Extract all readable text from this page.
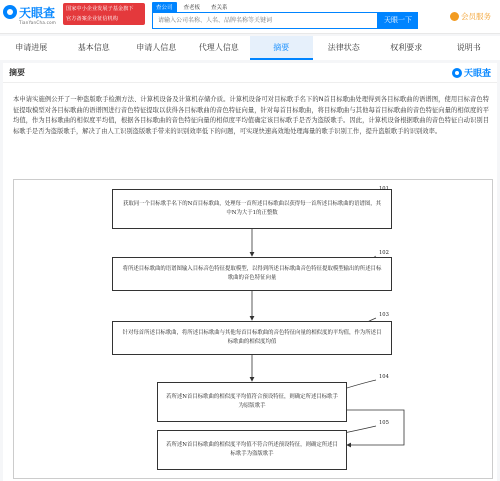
天眼查
TianYanCha.com
国家中小企业发展子基金旗下
官方备案企业征信机构
查公司	查老板	查关系
请输入公司名称、人名、品牌名称等关键词
天眼一下	会员服务
申请进展	基本信息	申请人信息	代理人信息	摘要	法律状态	权利要求	说明书
摘要	天眼查
本申请实施例公开了一种盗版歌手检测方法、计算机设备及计算机存储介质。计算机设备可对目标歌手名下的N首目标歌曲处理得到各目标歌曲的语谱图，使用目标音色特征提取模型对各目标歌曲的语谱图进行音色特征提取以获得各目标歌曲的音色特征向量，针对每首目标歌曲，将目标歌曲与其他每首目标歌曲的音色特征向量的相似度的平均值，作为目标歌曲的相似度平均值，根据各目标歌曲的音色特征向量的相似度平均值确定该目标歌手是否为盗版歌手。因此，计算机设备根据歌曲的音色特征自动识别目标歌手是否为盗版歌手，解决了由人工识别盗版歌手带来的识别效率低下的问题，可实现快速高效地处理海量的歌手识别工作，提升盗版歌手的识别效率。
获取同一个目标歌手名下的N首目标歌曲，处理每一首所述目标歌曲以获得每一首所述目标歌曲的语谱图，其中N为大于1的正整数
101
将所述目标歌曲的语谱图输入目标音色特征提取模型，以得到所述目标歌曲音色特征提取模型输出的所述目标歌曲的音色特征向量
102
针对每首所述目标歌曲，将所述目标歌曲与其他每首目标歌曲的音色特征向量的相似度的平均值，作为所述目标歌曲的相似度均值
103
若所述N首目标歌曲的相似度平均值符合预设特征，则确定所述目标歌手为原版歌手
104
若所述N首目标歌曲的相似度平均值不符合所述预设特征，则确定所述目标歌手为盗版歌手
105
